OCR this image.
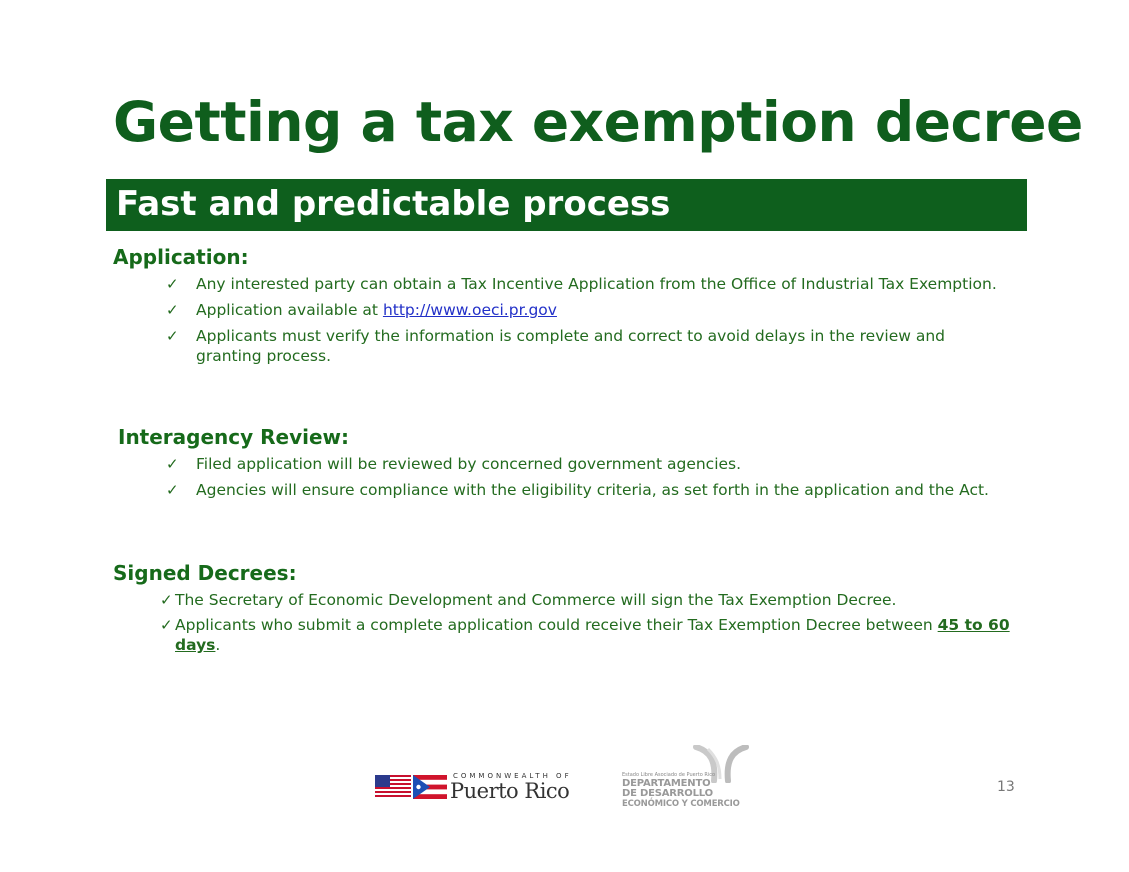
Getting a tax exemption decree
Fast and predictable process
Application:
✓ Any interested party can obtain a Tax Incentive Application from the Office of Industrial Tax Exemption.
✓ Application available at http://www.oeci.pr.gov
✓ Applicants must verify the information is complete and correct to avoid delays in the review and granting process.
Interagency Review:
✓ Filed application will be reviewed by concerned government agencies.
✓ Agencies will ensure compliance with the eligibility criteria, as set forth in the application and the Act.
Signed Decrees:
✓ The Secretary of Economic Development and Commerce will sign the Tax Exemption Decree.
✓ Applicants who submit a complete application could receive their Tax Exemption Decree between 45 to 60 days.
COMMONWEALTH OF
Puerto Rico
Estado Libre Asociado de Puerto Rico
DEPARTAMENTO
DE DESARROLLO
ECONÓMICO Y COMERCIO
13
